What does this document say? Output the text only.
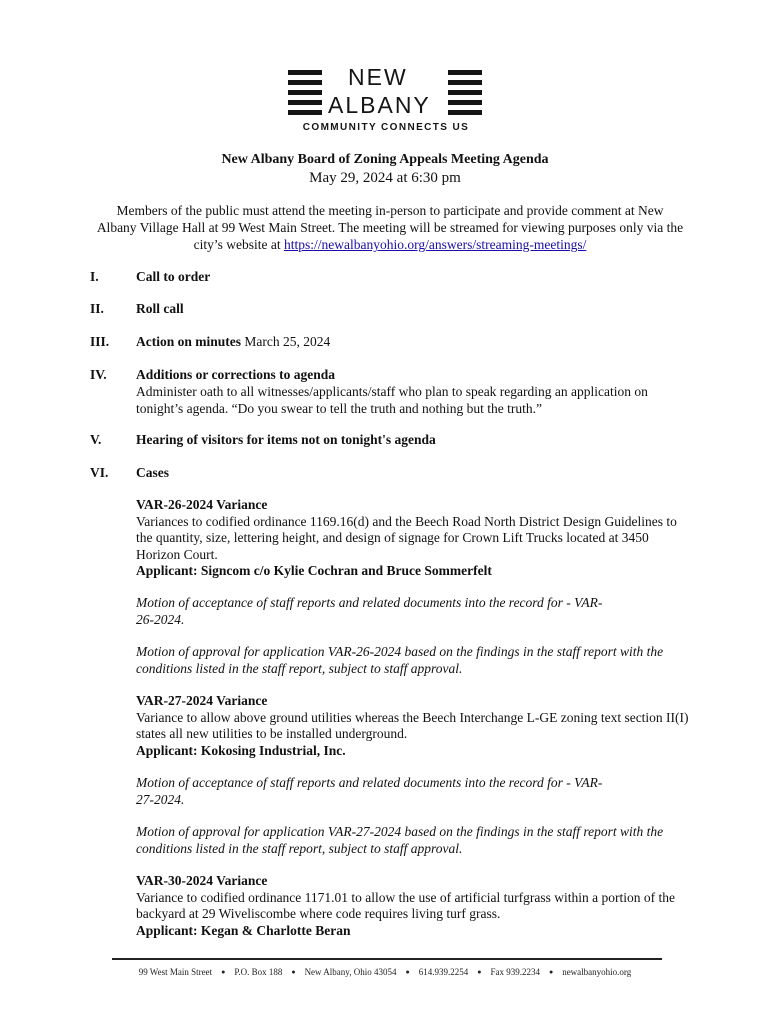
NEW
ALBANY
COMMUNITY CONNECTS US
New Albany Board of Zoning Appeals Meeting Agenda
May 29, 2024 at 6:30 pm
Members of the public must attend the meeting in-person to participate and provide comment at New Albany Village Hall at 99 West Main Street. The meeting will be streamed for viewing purposes only via the city’s website at https://newalbanyohio.org/answers/streaming-meetings/
I.	Call to order
II. Roll call
III. Action on minutes March 25, 2024
IV. Additions or corrections to agenda
Administer oath to all witnesses/applicants/staff who plan to speak regarding an application on tonight’s agenda. “Do you swear to tell the truth and nothing but the truth.”
V.	Hearing of visitors for items not on tonight's agenda
VI. Cases
VAR-26-2024 Variance
Variances to codified ordinance 1169.16(d) and the Beech Road North District Design Guidelines to the quantity, size, lettering height, and design of signage for Crown Lift Trucks located at 3450 Horizon Court.
Applicant: Signcom c/o Kylie Cochran and Bruce Sommerfelt
Motion of acceptance of staff reports and related documents into the record for - VAR-26-2024.
Motion of approval for application VAR-26-2024 based on the findings in the staff report with the conditions listed in the staff report, subject to staff approval.
VAR-27-2024 Variance
Variance to allow above ground utilities whereas the Beech Interchange L-GE zoning text section II(I) states all new utilities to be installed underground.
Applicant: Kokosing Industrial, Inc.
Motion of acceptance of staff reports and related documents into the record for - VAR-27-2024.
Motion of approval for application VAR-27-2024 based on the findings in the staff report with the conditions listed in the staff report, subject to staff approval.
VAR-30-2024 Variance
Variance to codified ordinance 1171.01 to allow the use of artificial turfgrass within a portion of the backyard at 29 Wiveliscombe where code requires living turf grass.
Applicant: Kegan & Charlotte Beran
99 West Main Street ● P.O. Box 188 ● New Albany, Ohio 43054 ● 614.939.2254 ● Fax 939.2234 ● newalbanyohio.org
